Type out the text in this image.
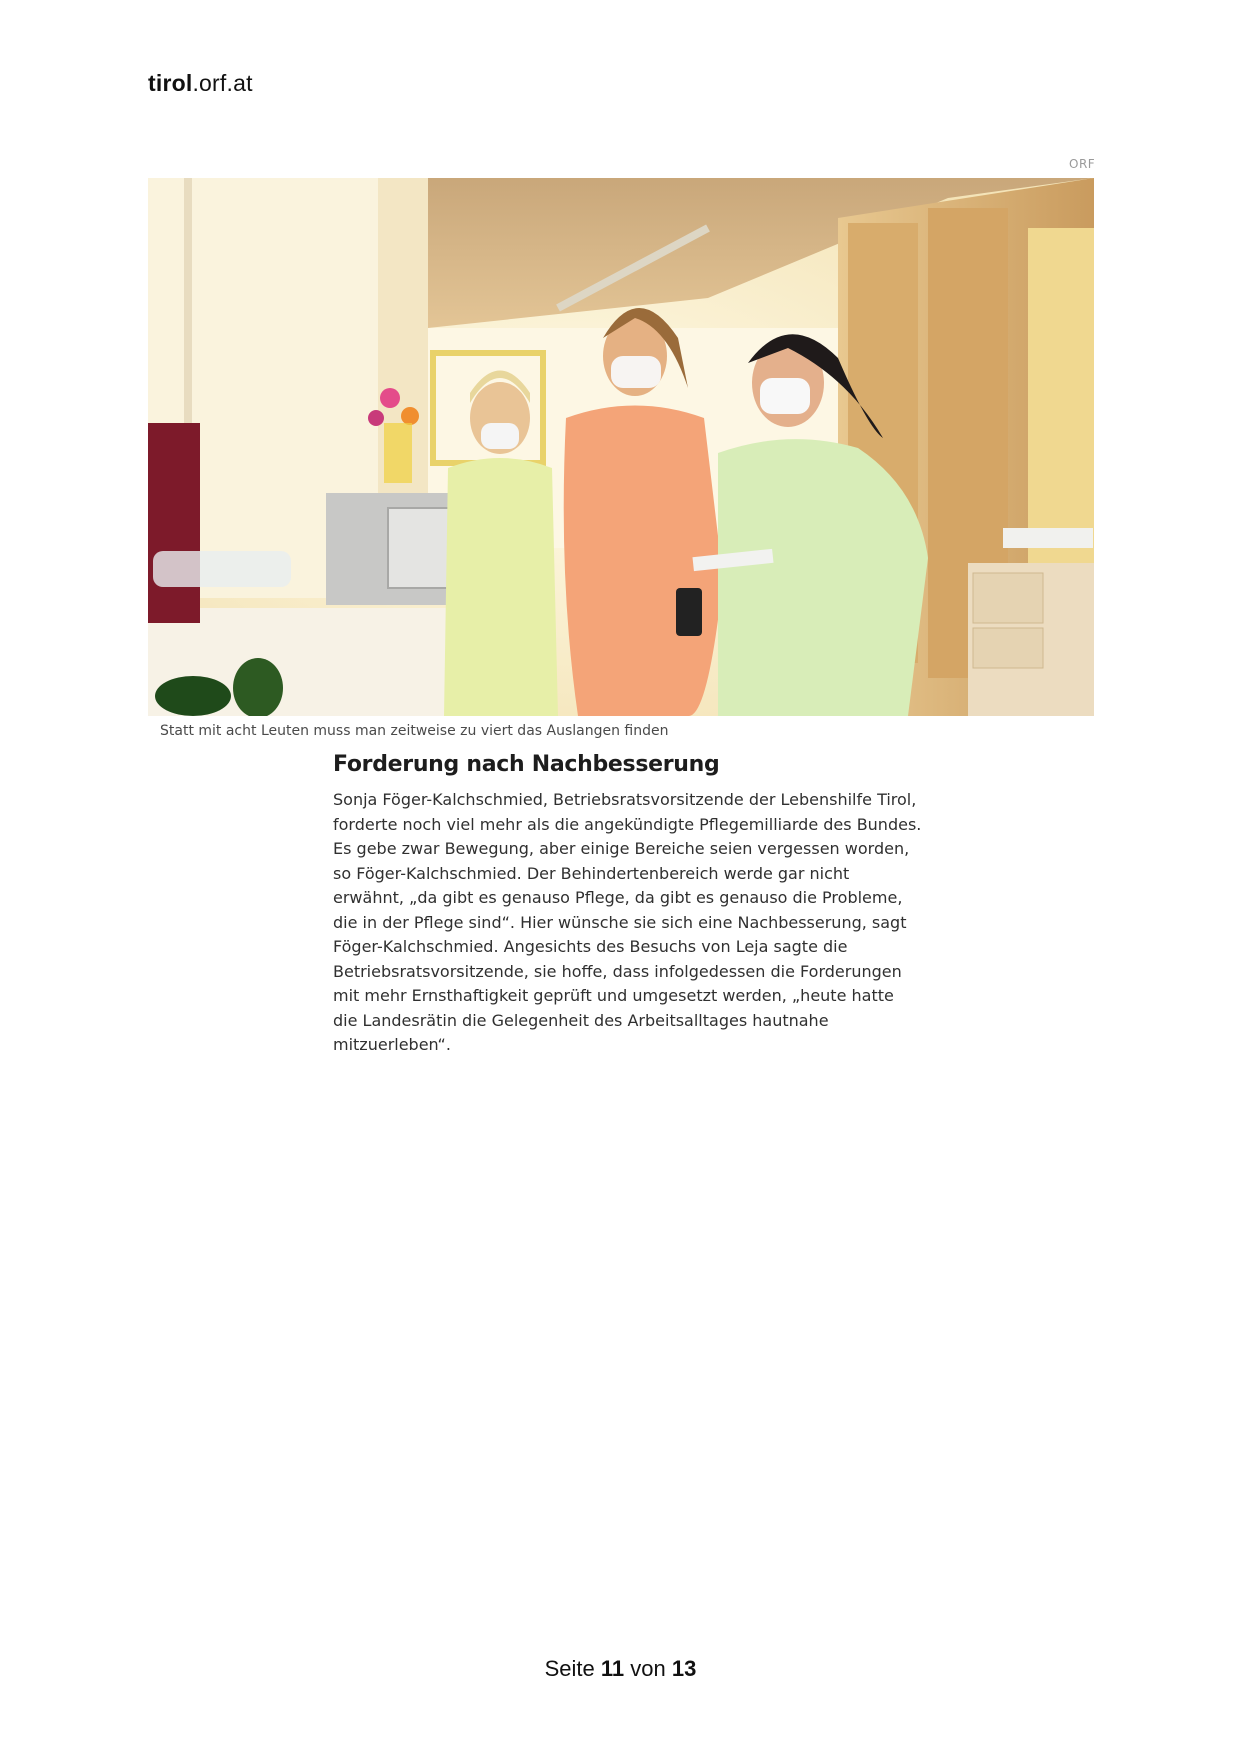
tirol.orf.at
ORF
Statt mit acht Leuten muss man zeitweise zu viert das Auslangen finden
Forderung nach Nachbesserung

Sonja Föger-Kalchschmied, Betriebsratsvorsitzende der Lebenshilfe Tirol, forderte noch viel mehr als die angekündigte Pflegemilliarde des Bundes. Es gebe zwar Bewegung, aber einige Bereiche seien vergessen worden, so Föger-Kalchschmied. Der Behindertenbereich werde gar nicht erwähnt, „da gibt es genauso Pflege, da gibt es genauso die Probleme, die in der Pflege sind“. Hier wünsche sie sich eine Nachbesserung, sagt Föger-Kalchschmied. Angesichts des Besuchs von Leja sagte die Betriebsratsvorsitzende, sie hoffe, dass infolgedessen die Forderungen mit mehr Ernsthaftigkeit geprüft und umgesetzt werden, „heute hatte die Landesrätin die Gelegenheit des Arbeitsalltages hautnahe mitzuerleben“.

Seite 11 von 13
